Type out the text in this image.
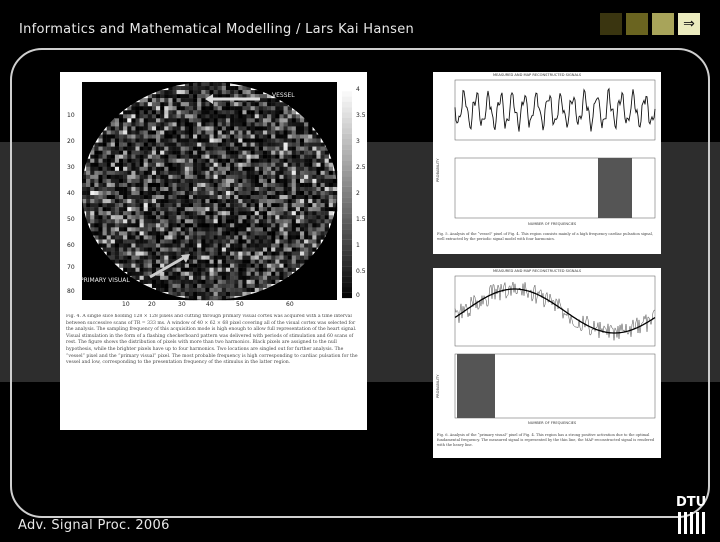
Informatics and Mathematical Modelling / Lars Kai Hansen	⇒
VESSEL
PRIMARY VISUAL
10
20
30
40
50
60
70
80
10	20	30	40	50	60
4
3.5
3
2.5
2
1.5
1
0.5
0
Fig. 4. A single slice holding 128 × 128 pixels and cutting through primary visual cortex was acquired with a time interval between successive scans of TR = 333 ms. A window of 40 × 62 × 68 pixel covering all of the visual cortex was selected for the analysis. The sampling frequency of this acquisition mode is high enough to allow full representation of the heart signal. Visual stimulation in the form of a flashing checkerboard pattern was delivered with periods of stimulation and 60 scans of rest. The figure shows the distribution of pixels with more than two harmonics. Black pixels are assigned to the null hypothesis, while the brighter pixels have up to four harmonics. Two locations are singled out for further analysis. The “vessel” pixel and the “primary visual” pixel. The most probable frequency is high corresponding to cardiac pulsation for the vessel and low, corresponding to the presentation frequency of the stimulus in the latter region.
MEASURED AND MAP RECONSTRUCTED SIGNALS
PROBABILITY
NUMBER OF FREQUENCIES
Fig. 5. Analysis of the “vessel” pixel of Fig. 4. This region consists mainly of a high frequency cardiac pulsation signal, well extracted by the periodic signal model with four harmonics.
MEASURED AND MAP RECONSTRUCTED SIGNALS
PROBABILITY
NUMBER OF FREQUENCIES
Fig. 6. Analysis of the “primary visual” pixel of Fig. 4. This region has a strong positive activation due to the optimal fundamental frequency. The measured signal is represented by the thin line, the MAP reconstructed signal is rendered with the heavy line.
Adv. Signal Proc. 2006
DTU
